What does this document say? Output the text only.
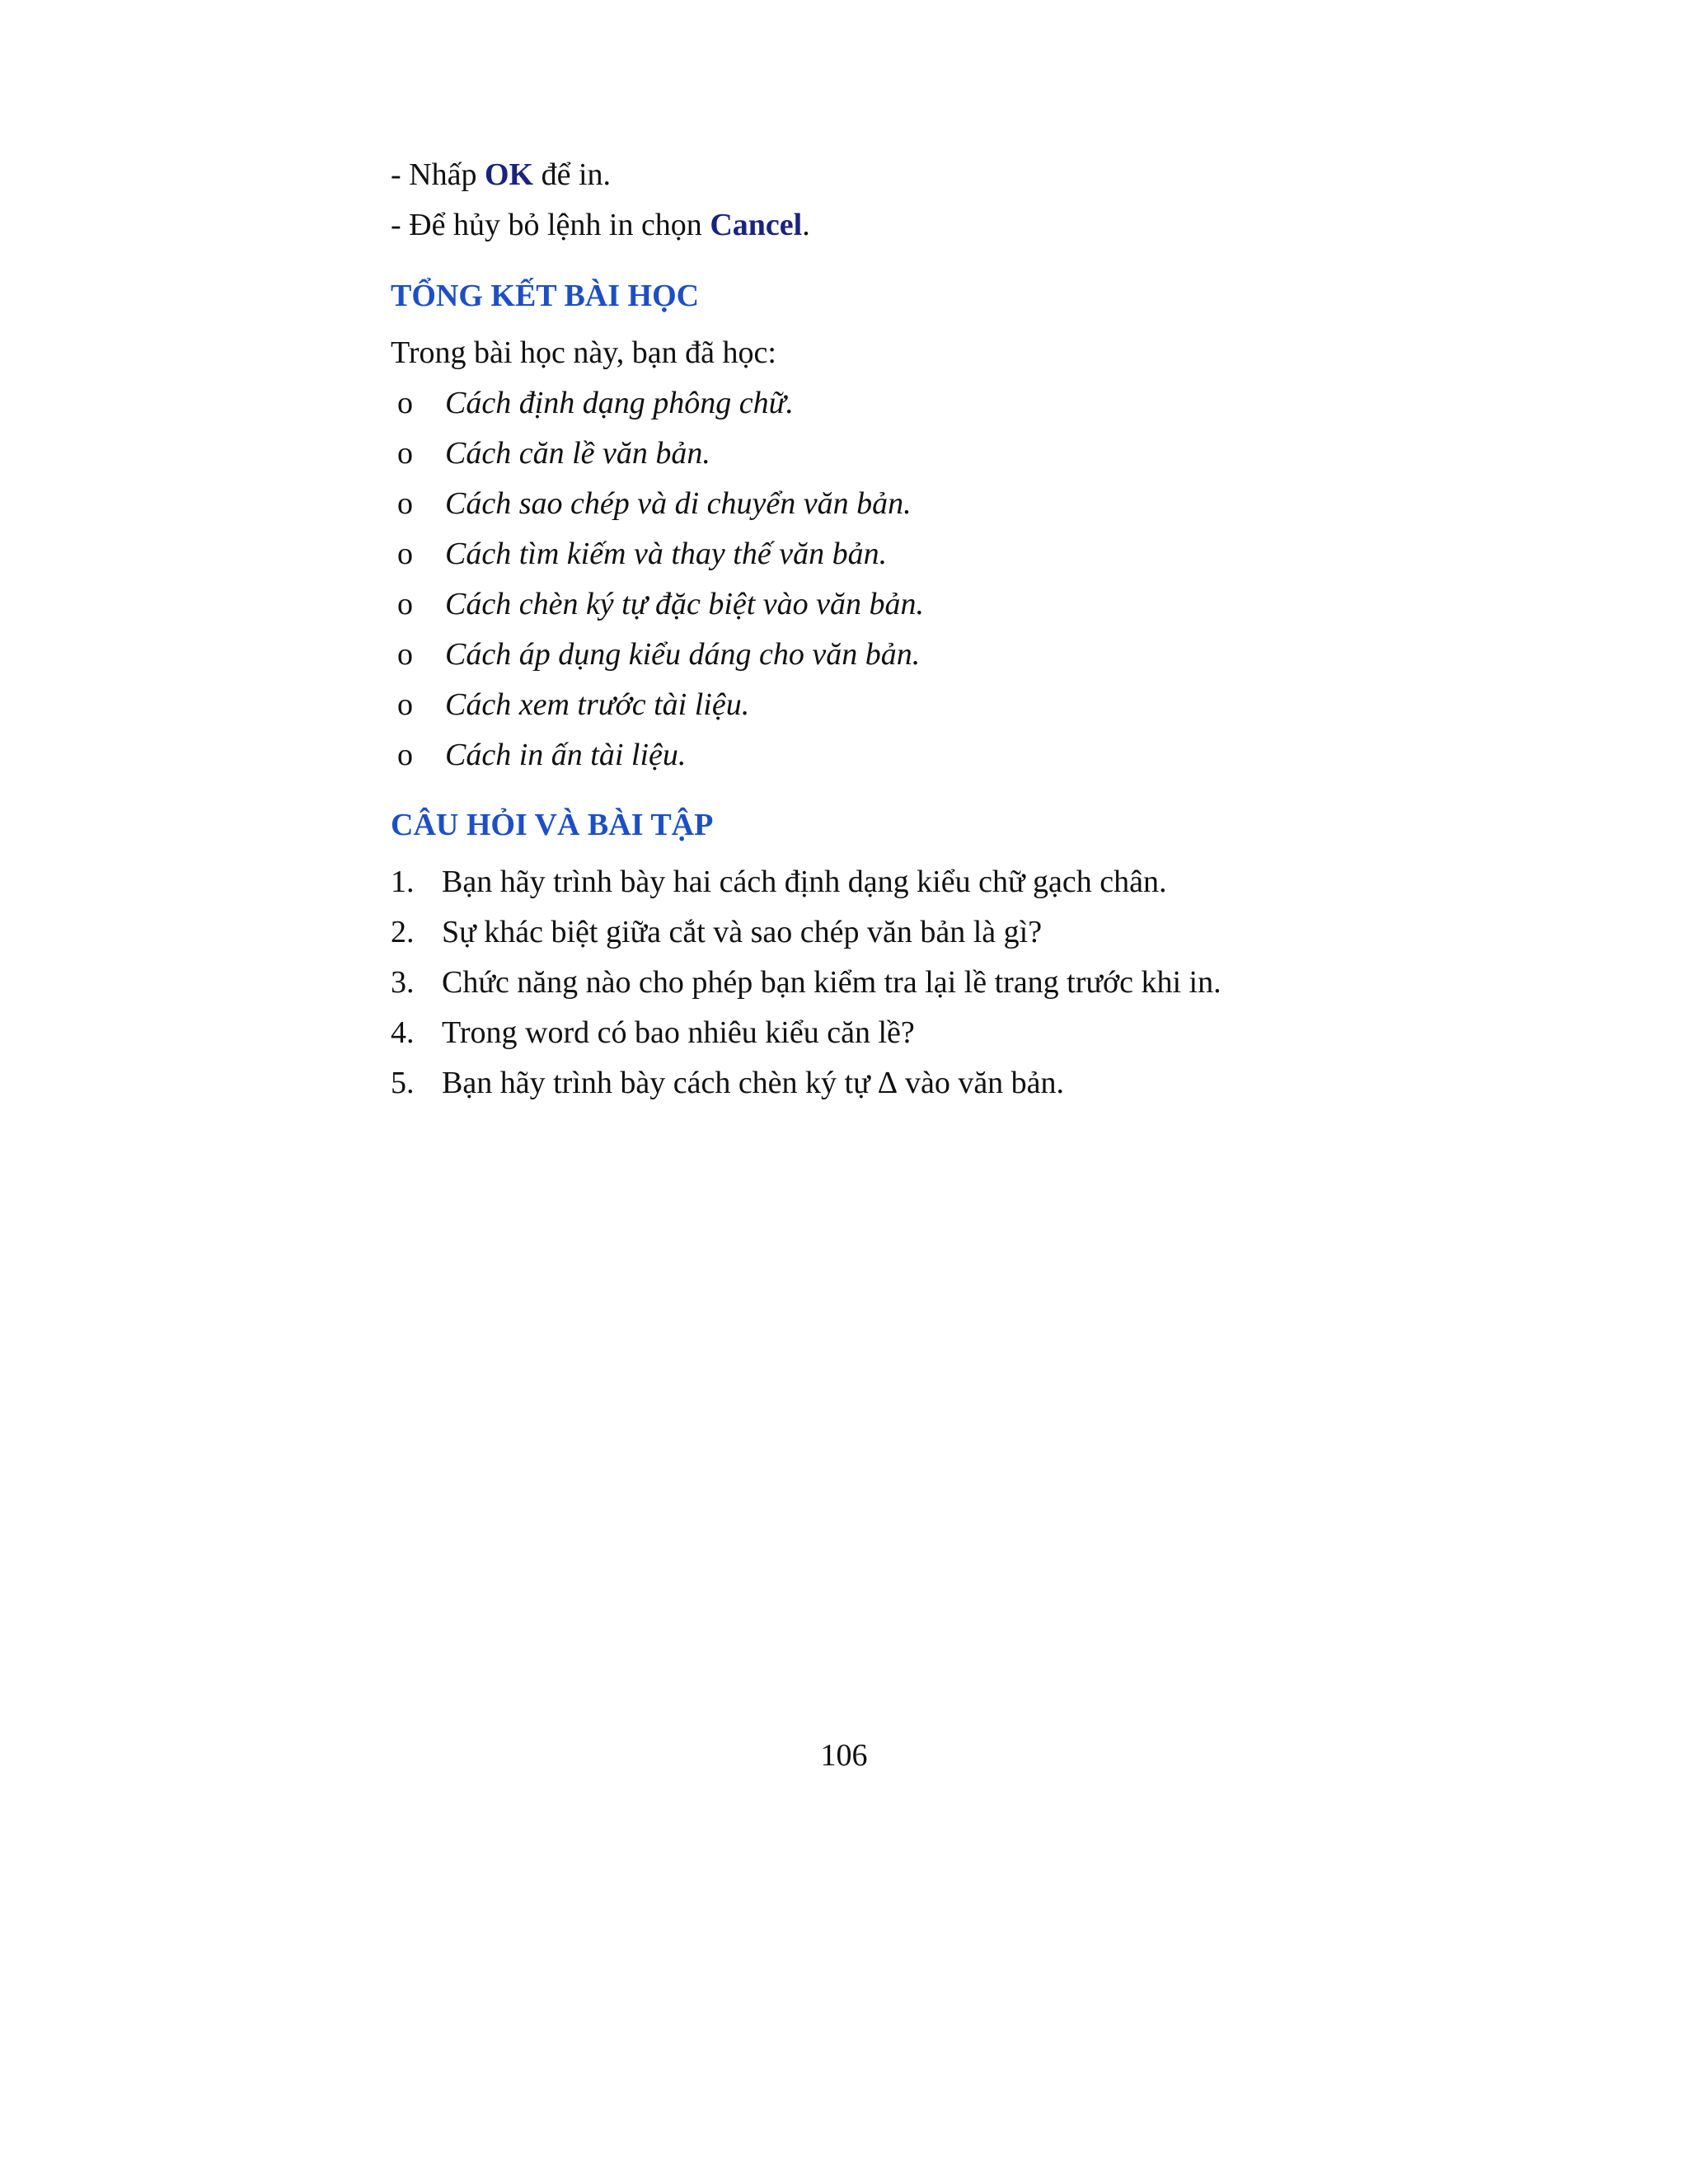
- Nhấp OK để in.
- Để hủy bỏ lệnh in chọn Cancel.
TỔNG KẾT BÀI HỌC
Trong bài học này, bạn đã học:
o Cách định dạng phông chữ.
o Cách căn lề văn bản.
o Cách sao chép và di chuyển văn bản.
o Cách tìm kiếm và thay thế văn bản.
o Cách chèn ký tự đặc biệt vào văn bản.
o Cách áp dụng kiểu dáng cho văn bản.
o Cách xem trước tài liệu.
o Cách in ấn tài liệu.
CÂU HỎI VÀ BÀI TẬP
1. Bạn hãy trình bày hai cách định dạng kiểu chữ gạch chân.
2. Sự khác biệt giữa cắt và sao chép văn bản là gì?
3. Chức năng nào cho phép bạn kiểm tra lại lề trang trước khi in.
4. Trong word có bao nhiêu kiểu căn lề?
5. Bạn hãy trình bày cách chèn ký tự ∆ vào văn bản.
106
